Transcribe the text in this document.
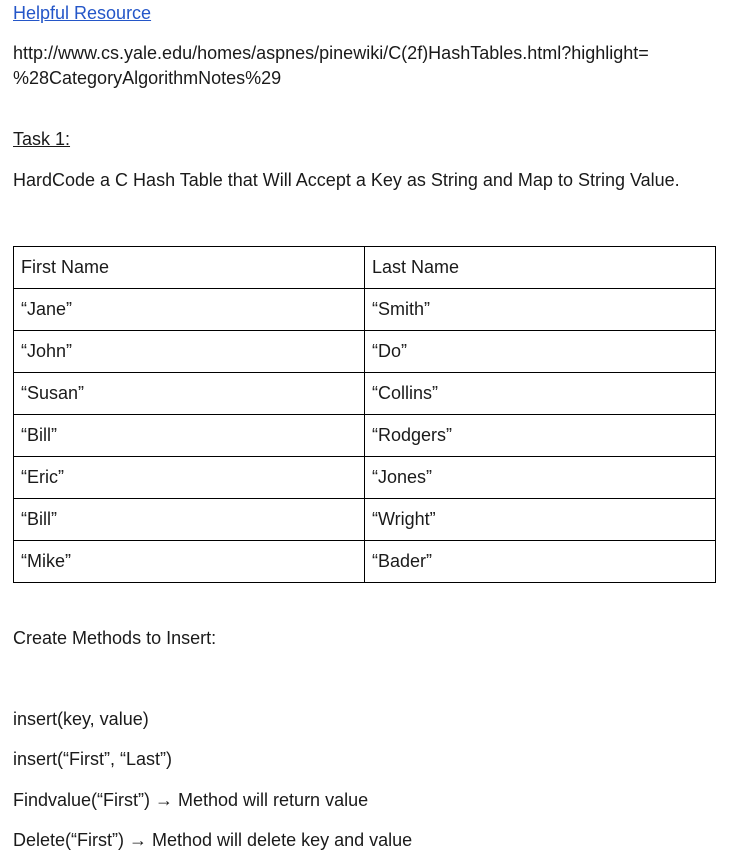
Helpful Resource
http://www.cs.yale.edu/homes/aspnes/pinewiki/C(2f)HashTables.html?highlight=
%28CategoryAlgorithmNotes%29
Task 1:
HardCode a C Hash Table that Will Accept a Key as String and Map to String Value.
First Name	Last Name
“Jane”	“Smith”
“John”	“Do”
“Susan”	“Collins”
“Bill”	“Rodgers”
“Eric”	“Jones”
“Bill”	“Wright”
“Mike”	“Bader”
Create Methods to Insert:
insert(key, value)
insert(“First”, “Last”)
Findvalue(“First”) → Method will return value
Delete(“First”) → Method will delete key and value
